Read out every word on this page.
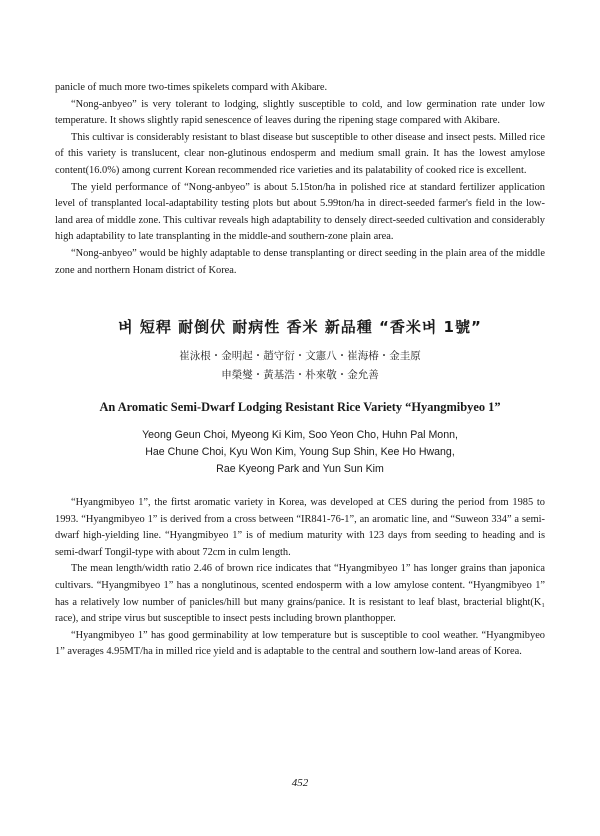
panicle of much more two-times spikelets compard with Akibare.

“Nong-anbyeo” is very tolerant to lodging, slightly susceptible to cold, and low germination rate under low temperature. It shows slightly rapid senescence of leaves during the ripening stage compared with Akibare.

This cultivar is considerably resistant to blast disease but susceptible to other disease and insect pests. Milled rice of this variety is translucent, clear non-glutinous endosperm and medium small grain. It has the lowest amylose content(16.0%) among current Korean recommended rice varieties and its palatability of cooked rice is excellent.

The yield performance of “Nong-anbyeo” is about 5.15ton/ha in polished rice at standard fertilizer application level of transplanted local-adaptability testing plots but about 5.99ton/ha in direct-seeded farmer's field in the low-land area of middle zone. This cultivar reveals high adaptability to densely direct-seeded cultivation and considerably high adaptability to late transplanting in the middle-and southern-zone plain area.

“Nong-anbyeo” would be highly adaptable to dense transplanting or direct seeding in the plain area of the middle zone and northern Honam district of Korea.

벼 短稈 耐倒伏 耐病性 香米 新品種 “香米벼 1號”
崔泳根・金明起・趙守衍・文憲八・崔海椿・金圭原
申榮燮・黃基浩・朴來敬・金允善
An Aromatic Semi-Dwarf Lodging Resistant Rice Variety “Hyangmibyeo 1”
Yeong Geun Choi, Myeong Ki Kim, Soo Yeon Cho, Huhn Pal Monn,
Hae Chune Choi, Kyu Won Kim, Young Sup Shin, Kee Ho Hwang,
Rae Kyeong Park and Yun Sun Kim

“Hyangmibyeo 1”, the firtst aromatic variety in Korea, was developed at CES during the period from 1985 to 1993. “Hyangmibyeo 1” is derived from a cross between “IR841-76-1”, an aromatic line, and “Suweon 334” a semi-dwarf high-yielding line. “Hyangmibyeo 1” is of medium maturity with 123 days from seeding to heading and is semi-dwarf Tongil-type with about 72cm in culm length.

The mean length/width ratio 2.46 of brown rice indicates that “Hyangmibyeo 1” has longer grains than japonica cultivars. “Hyangmibyeo 1” has a nonglutinous, scented endosperm with a low amylose content. “Hyangmibyeo 1” has a relatively low number of panicles/hill but many grains/panice. It is resistant to leaf blast, bracterial blight(K₁ race), and stripe virus but susceptible to insect pests including brown planthopper.

“Hyangmibyeo 1” has good germinability at low temperature but is susceptible to cool weather. “Hyangmibyeo 1” averages 4.95MT/ha in milled rice yield and is adaptable to the central and southern low-land areas of Korea.

452
